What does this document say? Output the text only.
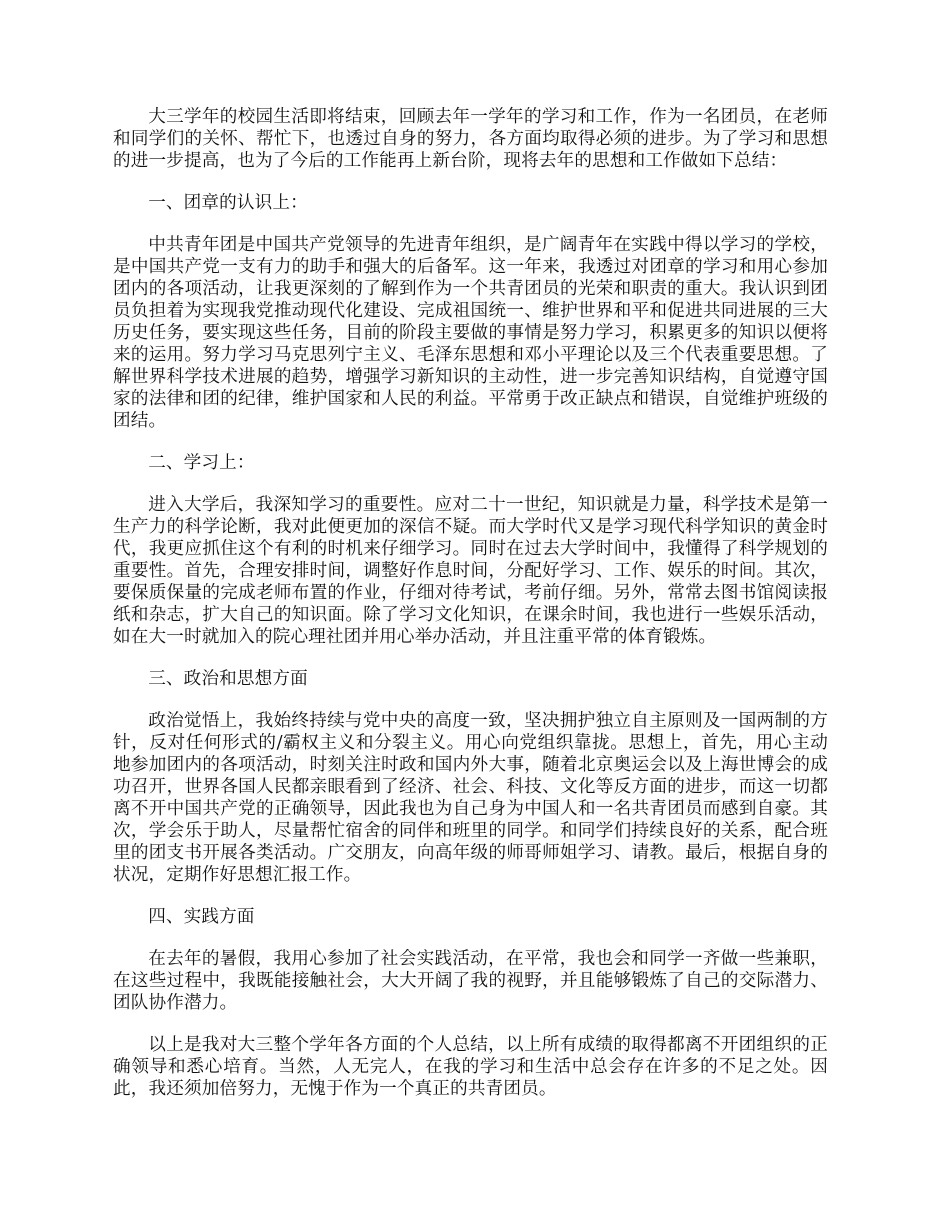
大三学年的校园生活即将结束，回顾去年一学年的学习和工作，作为一名团员，在老师和同学们的关怀、帮忙下，也透过自身的努力，各方面均取得必须的进步。为了学习和思想的进一步提高，也为了今后的工作能再上新台阶，现将去年的思想和工作做如下总结：

一、团章的认识上：

中共青年团是中国共产党领导的先进青年组织，是广阔青年在实践中得以学习的学校，是中国共产党一支有力的助手和强大的后备军。这一年来，我透过对团章的学习和用心参加团内的各项活动，让我更深刻的了解到作为一个共青团员的光荣和职责的重大。我认识到团员负担着为实现我党推动现代化建设、完成祖国统一、维护世界和平和促进共同进展的三大历史任务，要实现这些任务，目前的阶段主要做的事情是努力学习，积累更多的知识以便将来的运用。努力学习马克思列宁主义、毛泽东思想和邓小平理论以及三个代表重要思想。了解世界科学技术进展的趋势，增强学习新知识的主动性，进一步完善知识结构，自觉遵守国家的法律和团的纪律，维护国家和人民的利益。平常勇于改正缺点和错误，自觉维护班级的团结。

二、学习上：

进入大学后，我深知学习的重要性。应对二十一世纪，知识就是力量，科学技术是第一生产力的科学论断，我对此便更加的深信不疑。而大学时代又是学习现代科学知识的黄金时代，我更应抓住这个有利的时机来仔细学习。同时在过去大学时间中，我懂得了科学规划的重要性。首先，合理安排时间，调整好作息时间，分配好学习、工作、娱乐的时间。其次，要保质保量的完成老师布置的作业，仔细对待考试，考前仔细。另外，常常去图书馆阅读报纸和杂志，扩大自己的知识面。除了学习文化知识，在课余时间，我也进行一些娱乐活动，如在大一时就加入的院心理社团并用心举办活动，并且注重平常的体育锻炼。

三、政治和思想方面

政治觉悟上，我始终持续与党中央的高度一致，坚决拥护独立自主原则及一国两制的方针，反对任何形式的/霸权主义和分裂主义。用心向党组织靠拢。思想上，首先，用心主动地参加团内的各项活动，时刻关注时政和国内外大事，随着北京奥运会以及上海世博会的成功召开，世界各国人民都亲眼看到了经济、社会、科技、文化等反方面的进步，而这一切都离不开中国共产党的正确领导，因此我也为自己身为中国人和一名共青团员而感到自豪。其次，学会乐于助人，尽量帮忙宿舍的同伴和班里的同学。和同学们持续良好的关系，配合班里的团支书开展各类活动。广交朋友，向高年级的师哥师姐学习、请教。最后，根据自身的状况，定期作好思想汇报工作。

四、实践方面

在去年的暑假，我用心参加了社会实践活动，在平常，我也会和同学一齐做一些兼职，在这些过程中，我既能接触社会，大大开阔了我的视野，并且能够锻炼了自己的交际潜力、团队协作潜力。

以上是我对大三整个学年各方面的个人总结，以上所有成绩的取得都离不开团组织的正确领导和悉心培育。当然，人无完人，在我的学习和生活中总会存在许多的不足之处。因此，我还须加倍努力，无愧于作为一个真正的共青团员。
